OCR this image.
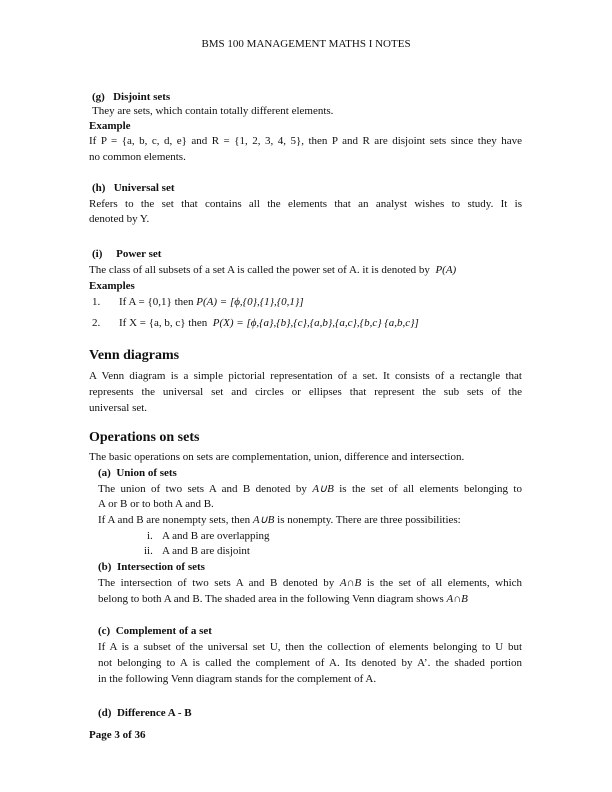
BMS 100 MANAGEMENT MATHS I NOTES
(g) Disjoint sets
They are sets, which contain totally different elements.
Example
If P = {a, b, c, d, e} and R = {1, 2, 3, 4, 5}, then P and R are disjoint sets since they have
no common elements.
(h) Universal set
Refers to the set that contains all the elements that an analyst wishes to study. It is
denoted by Y.
(i) Power set
The class of all subsets of a set A is called the power set of A. it is denoted by P(A)
Examples
1. If A = {0,1} then P(A) = [ϕ,{0},{1},{0,1}]
2. If X = {a, b, c} then P(X) = [ϕ,{a},{b},{c},{a,b},{a,c},{b,c} {a,b,c}]
Venn diagrams
A Venn diagram is a simple pictorial representation of a set. It consists of a rectangle that
represents the universal set and circles or ellipses that represent the sub sets of the
universal set.
Operations on sets
The basic operations on sets are complementation, union, difference and intersection.
(a) Union of sets
The union of two sets A and B denoted by A∪B is the set of all elements belonging to
A or B or to both A and B.
If A and B are nonempty sets, then A∪B is nonempty. There are three possibilities:
i. A and B are overlapping
ii. A and B are disjoint
(b) Intersection of sets
The intersection of two sets A and B denoted by A∩B is the set of all elements, which
belong to both A and B. The shaded area in the following Venn diagram shows A∩B
(c) Complement of a set
If A is a subset of the universal set U, then the collection of elements belonging to U but
not belonging to A is called the complement of A. Its denoted by A’. the shaded portion
in the following Venn diagram stands for the complement of A.
(d) Difference A - B
Page 3 of 36
